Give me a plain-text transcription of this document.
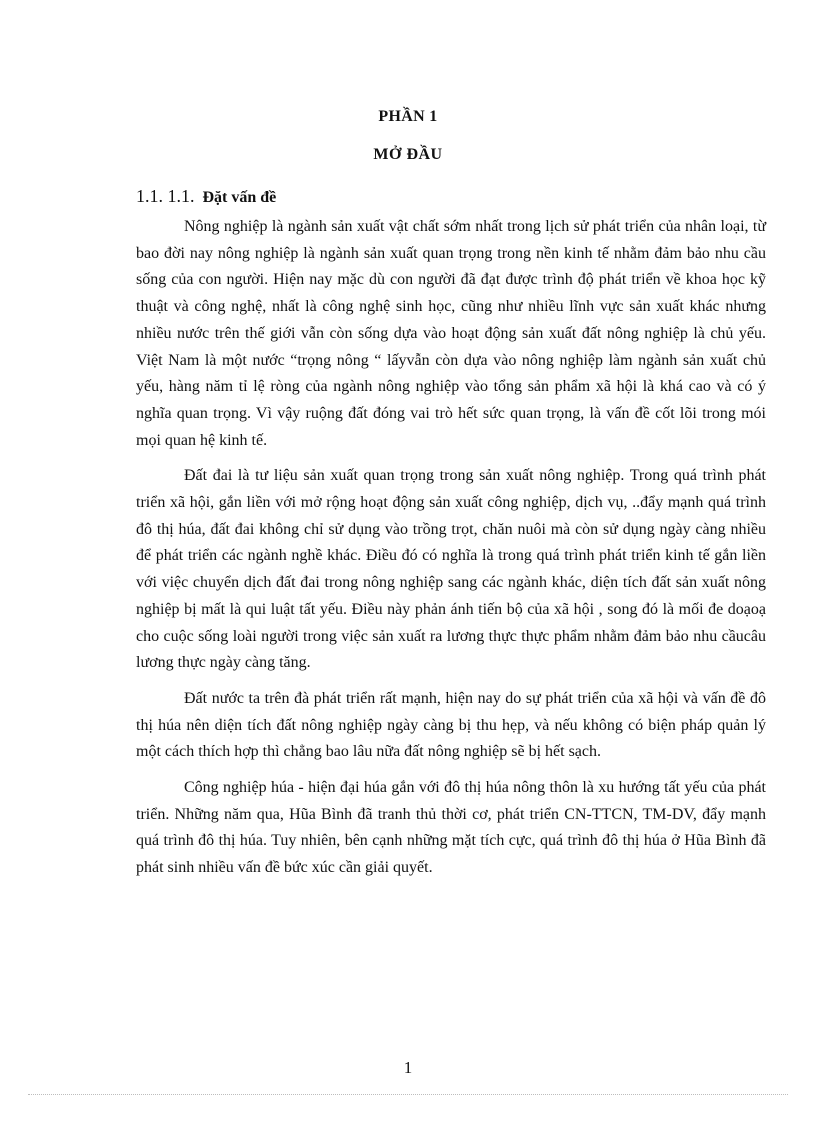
PHẦN 1
MỞ ĐẦU
1.1. 1.1. Đặt vấn đề

Nông nghiệp là ngành sản xuất vật chất sớm nhất trong lịch sử phát triển của nhân loại, từ bao đời nay nông nghiệp là ngành sản xuất quan trọng trong nền kinh tế nhằm đảm bảo nhu cầu sống của con người. Hiện nay mặc dù con người đã đạt được trình độ phát triển về khoa học kỹ thuật và công nghệ, nhất là công nghệ sinh học, cũng như nhiều lĩnh vực sản xuất khác nhưng nhiều nước trên thế giới vẫn còn sống dựa vào hoạt động sản xuất đất nông nghiệp là chủ yếu. Việt Nam là một nước “trọng nông “ lấyvẫn còn dựa vào nông nghiệp làm ngành sản xuất chủ yếu, hàng năm tỉ lệ ròng của ngành nông nghiệp vào tổng sản phẩm xã hội là khá cao và có ý nghĩa quan trọng. Vì vậy ruộng đất đóng vai trò hết sức quan trọng, là vấn đề cốt lõi trong mói mọi quan hệ kinh tế.

Đất đai là tư liệu sản xuất quan trọng trong sản xuất nông nghiệp. Trong quá trình phát triển xã hội, gắn liền với mở rộng hoạt động sản xuất công nghiệp, dịch vụ, ..đẩy mạnh quá trình đô thị húa, đất đai không chỉ sử dụng vào trồng trọt, chăn nuôi mà còn sử dụng ngày càng nhiều để phát triển các ngành nghề khác. Điều đó có nghĩa là trong quá trình phát triển kinh tế gắn liền với việc chuyển dịch đất đai trong nông nghiệp sang các ngành khác, diện tích đất sản xuất nông nghiệp bị mất là qui luật tất yếu. Điều này phản ánh tiến bộ của xã hội , song đó là mối đe doạoạ cho cuộc sống loài người trong việc sản xuất ra lương thực thực phẩm nhằm đảm bảo nhu cầucâu lương thực ngày càng tăng.

Đất nước ta trên đà phát triển rất mạnh, hiện nay do sự phát triển của xã hội và vấn đề đô thị húa nên diện tích đất nông nghiệp ngày càng bị thu hẹp, và nếu không có biện pháp quản lý một cách thích hợp thì chẳng bao lâu nữa đất nông nghiệp sẽ bị hết sạch.

Công nghiệp húa - hiện đại húa gắn với đô thị húa nông thôn là xu hướng tất yếu của phát triển. Những năm qua, Hũa Bình đã tranh thủ thời cơ, phát triển CN-TTCN, TM-DV, đẩy mạnh quá trình đô thị húa. Tuy nhiên, bên cạnh những mặt tích cực, quá trình đô thị húa ở Hũa Bình đã phát sinh nhiều vấn đề bức xúc cần giải quyết.

1
